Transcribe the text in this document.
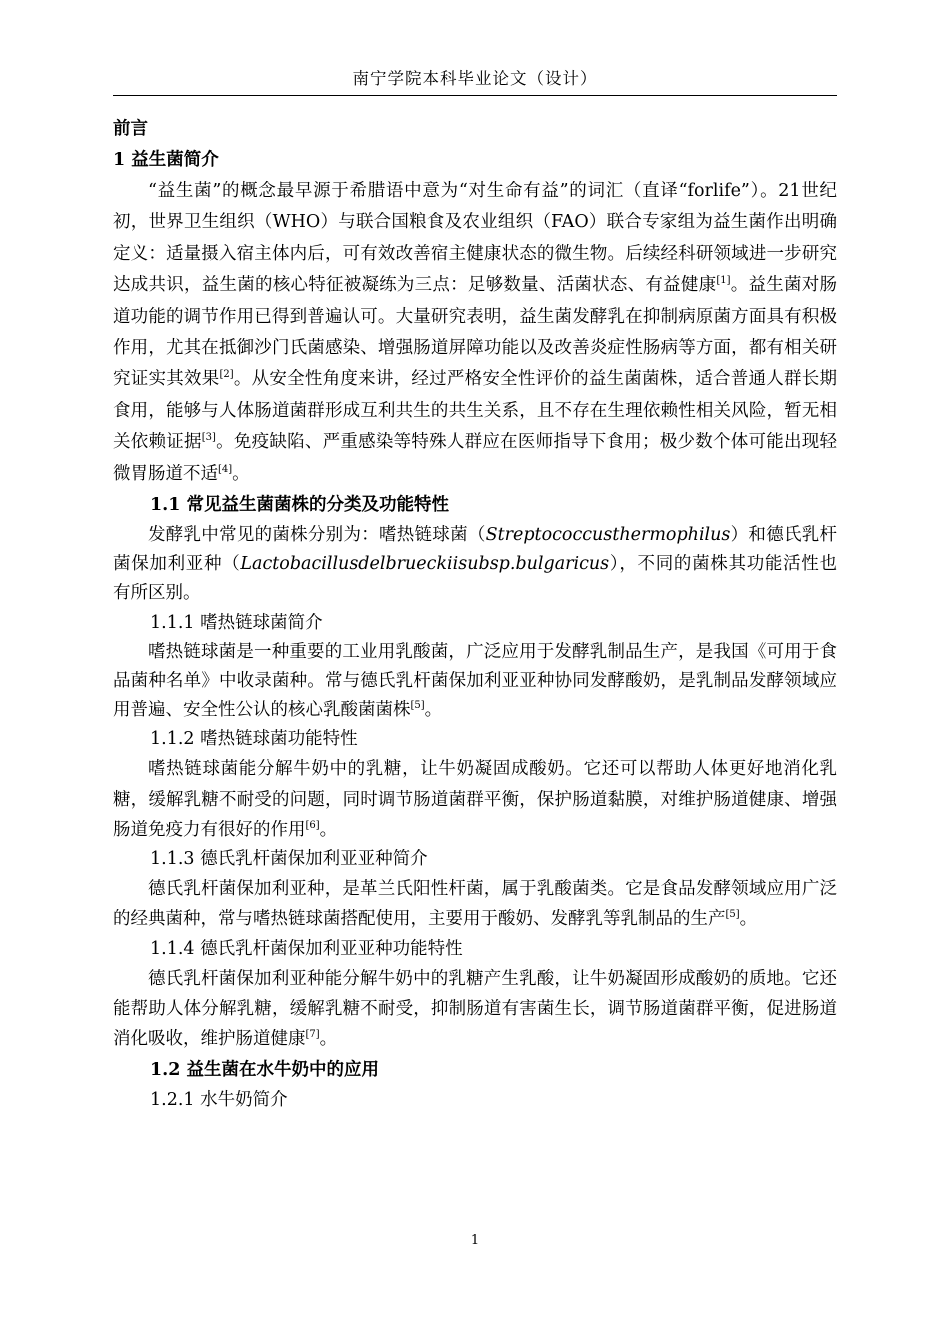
南宁学院本科毕业论文（设计）
前言
1 益生菌简介

“益生菌”的概念最早源于希腊语中意为“对生命有益”的词汇（直译“forlife”）。21世纪初，世界卫生组织（WHO）与联合国粮食及农业组织（FAO）联合专家组为益生菌作出明确定义：适量摄入宿主体内后，可有效改善宿主健康状态的微生物。后续经科研领域进一步研究达成共识，益生菌的核心特征被凝练为三点：足够数量、活菌状态、有益健康[1]。益生菌对肠道功能的调节作用已得到普遍认可。大量研究表明，益生菌发酵乳在抑制病原菌方面具有积极作用，尤其在抵御沙门氏菌感染、增强肠道屏障功能以及改善炎症性肠病等方面，都有相关研究证实其效果[2]。从安全性角度来讲，经过严格安全性评价的益生菌菌株，适合普通人群长期食用，能够与人体肠道菌群形成互利共生的共生关系，且不存在生理依赖性相关风险，暂无相关依赖证据[3]。免疫缺陷、严重感染等特殊人群应在医师指导下食用；极少数个体可能出现轻微胃肠道不适[4]。

1.1 常见益生菌菌株的分类及功能特性

发酵乳中常见的菌株分别为：嗜热链球菌（Streptococcusthermophilus）和德氏乳杆菌保加利亚种（Lactobacillusdelbrueckiisubsp.bulgaricus），不同的菌株其功能活性也有所区别。

1.1.1 嗜热链球菌简介

嗜热链球菌是一种重要的工业用乳酸菌，广泛应用于发酵乳制品生产，是我国《可用于食品菌种名单》中收录菌种。常与德氏乳杆菌保加利亚亚种协同发酵酸奶，是乳制品发酵领域应用普遍、安全性公认的核心乳酸菌菌株[5]。

1.1.2 嗜热链球菌功能特性

嗜热链球菌能分解牛奶中的乳糖，让牛奶凝固成酸奶。它还可以帮助人体更好地消化乳糖，缓解乳糖不耐受的问题，同时调节肠道菌群平衡，保护肠道黏膜，对维护肠道健康、增强肠道免疫力有很好的作用[6]。

1.1.3 德氏乳杆菌保加利亚亚种简介

德氏乳杆菌保加利亚种，是革兰氏阳性杆菌，属于乳酸菌类。它是食品发酵领域应用广泛的经典菌种，常与嗜热链球菌搭配使用，主要用于酸奶、发酵乳等乳制品的生产[5]。

1.1.4 德氏乳杆菌保加利亚亚种功能特性

德氏乳杆菌保加利亚种能分解牛奶中的乳糖产生乳酸，让牛奶凝固形成酸奶的质地。它还能帮助人体分解乳糖，缓解乳糖不耐受，抑制肠道有害菌生长，调节肠道菌群平衡，促进肠道消化吸收，维护肠道健康[7]。

1.2 益生菌在水牛奶中的应用
1.2.1 水牛奶简介
1
